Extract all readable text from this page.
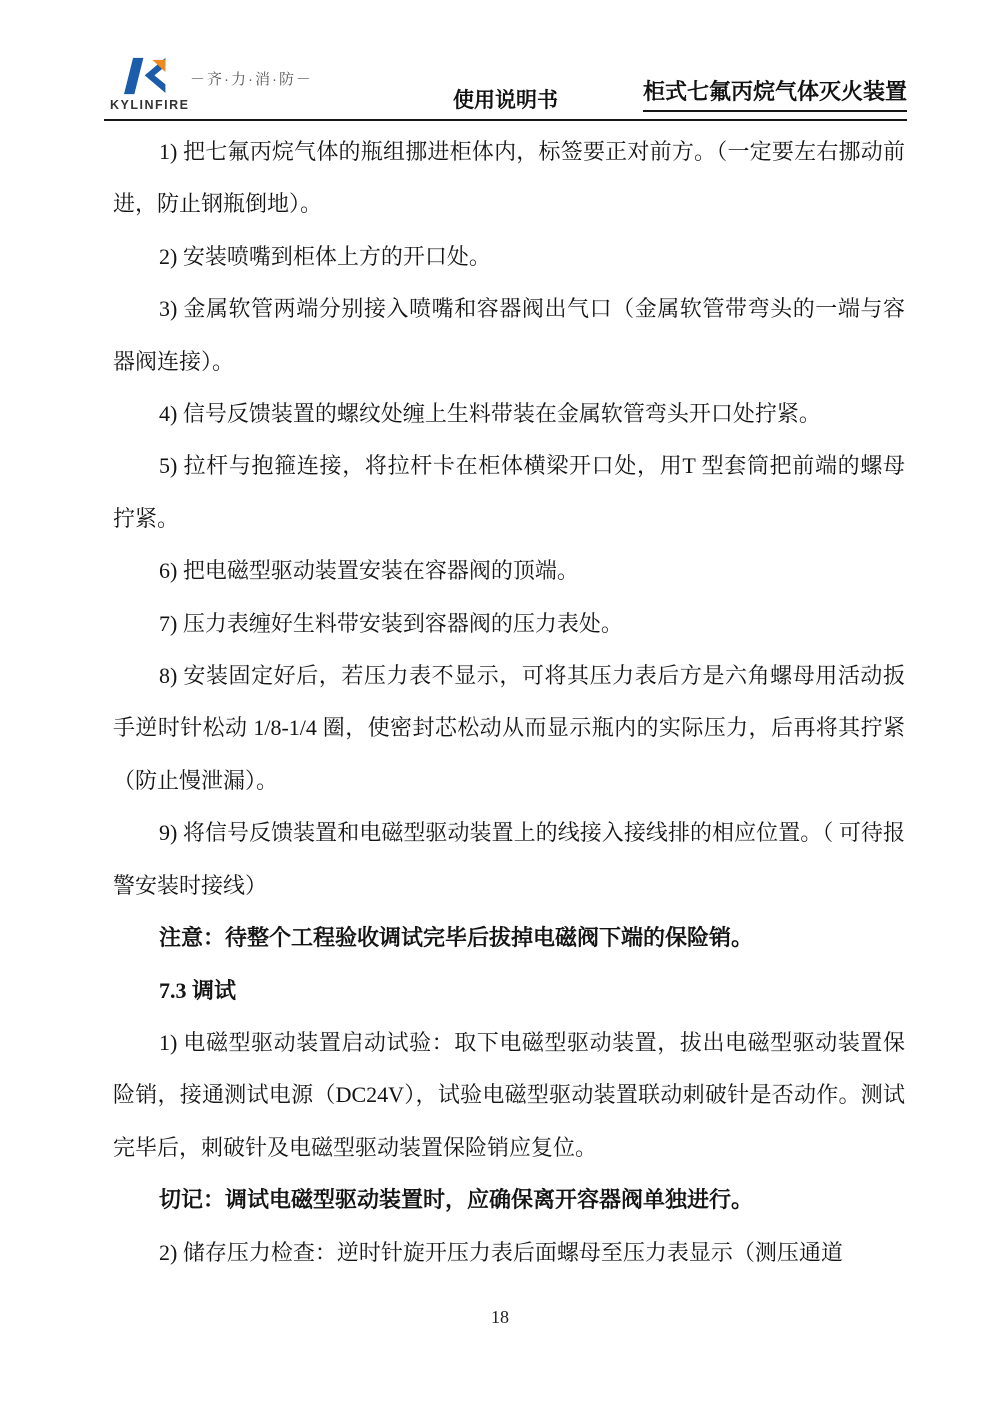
KYLINFIRE
－齐·力·消·防－
使用说明书	柜式七氟丙烷气体灭火装置

1) 把七氟丙烷气体的瓶组挪进柜体内，标签要正对前方。（一定要左右挪动前进，防止钢瓶倒地）。

2) 安装喷嘴到柜体上方的开口处。

3) 金属软管两端分别接入喷嘴和容器阀出气口（金属软管带弯头的一端与容器阀连接）。

4) 信号反馈装置的螺纹处缠上生料带装在金属软管弯头开口处拧紧。

5) 拉杆与抱箍连接，将拉杆卡在柜体横梁开口处，用T 型套筒把前端的螺母拧紧。

6) 把电磁型驱动装置安装在容器阀的顶端。

7) 压力表缠好生料带安装到容器阀的压力表处。

8) 安装固定好后，若压力表不显示，可将其压力表后方是六角螺母用活动扳手逆时针松动 1/8-1/4 圈，使密封芯松动从而显示瓶内的实际压力，后再将其拧紧（防止慢泄漏）。

9) 将信号反馈装置和电磁型驱动装置上的线接入接线排的相应位置。（ 可待报警安装时接线）

注意：待整个工程验收调试完毕后拔掉电磁阀下端的保险销。

7.3 调试

1) 电磁型驱动装置启动试验：取下电磁型驱动装置，拔出电磁型驱动装置保险销，接通测试电源（DC24V），试验电磁型驱动装置联动刺破针是否动作。测试完毕后，刺破针及电磁型驱动装置保险销应复位。

切记：调试电磁型驱动装置时，应确保离开容器阀单独进行。

2) 储存压力检查：逆时针旋开压力表后面螺母至压力表显示（测压通道

18
